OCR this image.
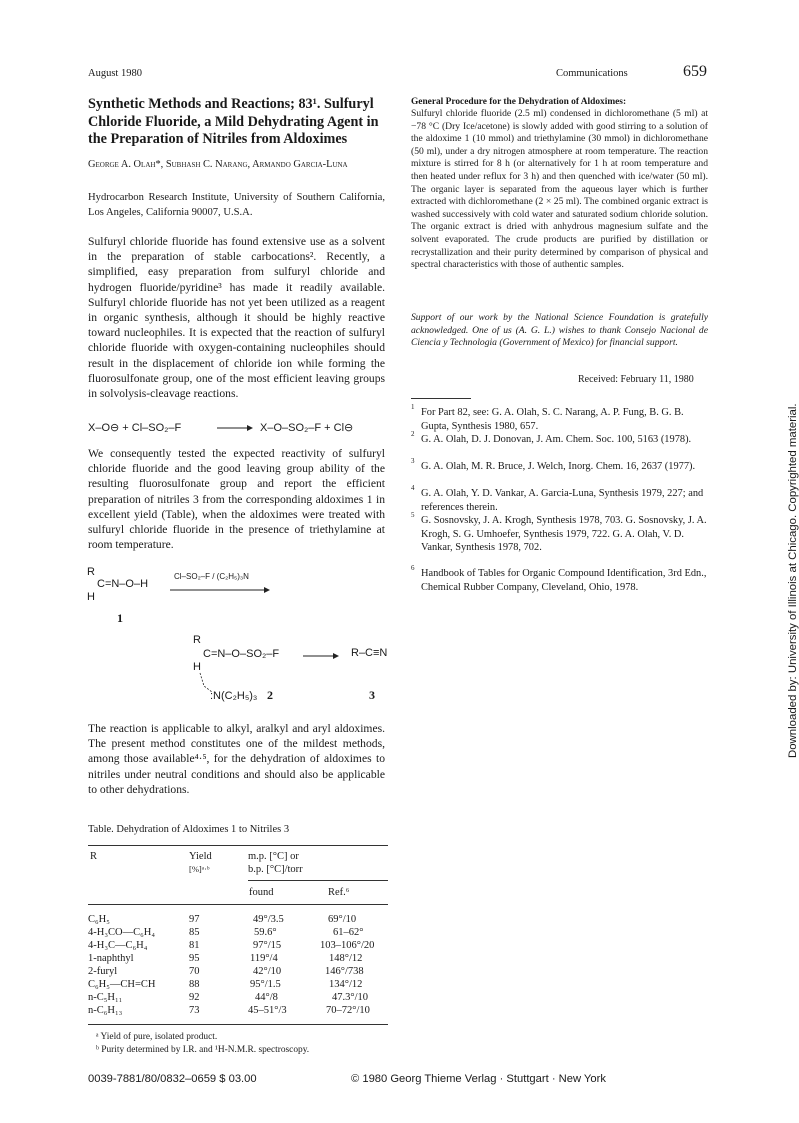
August 1980	Communications	659
Synthetic Methods and Reactions; 83¹. Sulfuryl Chloride Fluoride, a Mild Dehydrating Agent in the Preparation of Nitriles from Aldoximes
George A. Olah*, Subhash C. Narang, Armando Garcia-Luna
Hydrocarbon Research Institute, University of Southern California, Los Angeles, California 90007, U.S.A.
Sulfuryl chloride fluoride has found extensive use as a solvent in the preparation of stable carbocations². Recently, a simplified, easy preparation from sulfuryl chloride and hydrogen fluoride/pyridine³ has made it readily available. Sulfuryl chloride fluoride has not yet been utilized as a reagent in organic synthesis, although it should be highly reactive toward nucleophiles. It is expected that the reaction of sulfuryl chloride fluoride with oxygen-containing nucleophiles should result in the displacement of chloride ion while forming the fluorosulfonate group, one of the most efficient leaving groups in solvolysis-cleavage reactions.
X–O⊖ + Cl–SO₂–F → X–O–SO₂–F + Cl⊖
We consequently tested the expected reactivity of sulfuryl chloride fluoride and the good leaving group ability of the resulting fluorosulfonate group and report the efficient preparation of nitriles 3 from the corresponding aldoximes 1 in excellent yield (Table), when the aldoximes were treated with sulfuryl chloride fluoride in the presence of triethylamine at room temperature.
R
C=N–O–H
H
Cl–SO₂–F / (C₂H₅)₃N
1
R
C=N–O–SO₂–F
H
:N(C₂H₅)₃ 2
R–C≡N
3
The reaction is applicable to alkyl, aralkyl and aryl aldoximes. The present method constitutes one of the mildest methods, among those available⁴·⁵, for the dehydration of aldoximes to nitriles under neutral conditions and should also be applicable to other dehydrations.
Table. Dehydration of Aldoximes 1 to Nitriles 3
R	Yield	m.p. [°C] or
[%]ᵃ·ᵇ	b.p. [°C]/torr
found	Ref.⁶
C₆H₅	97	49°/3.5	69°/10
4-H₃CO—C₆H₄	85	59.6°	61–62°
4-H₃C—C₆H₄	81	97°/15	103–106°/20
1-naphthyl	95	119°/4	148°/12
2-furyl	70	42°/10	146°/738
C₆H₅—CH=CH	88	95°/1.5	134°/12
n-C₅H₁₁	92	44°/8	47.3°/10
n-C₆H₁₃	73	45–51°/3	70–72°/10
ᵃ Yield of pure, isolated product.
ᵇ Purity determined by I.R. and ¹H-N.M.R. spectroscopy.
0039-7881/80/0832–0659 $ 03.00	© 1980 Georg Thieme Verlag · Stuttgart · New York
General Procedure for the Dehydration of Aldoximes:
Sulfuryl chloride fluoride (2.5 ml) condensed in dichloromethane (5 ml) at −78 °C (Dry Ice/acetone) is slowly added with good stirring to a solution of the aldoxime 1 (10 mmol) and triethylamine (30 mmol) in dichloromethane (50 ml), under a dry nitrogen atmosphere at room temperature. The reaction mixture is stirred for 8 h (or alternatively for 1 h at room temperature and then heated under reflux for 3 h) and then quenched with ice/water (50 ml). The organic layer is separated from the aqueous layer which is further extracted with dichloromethane (2 × 25 ml). The combined organic extract is washed successively with cold water and saturated sodium chloride solution. The organic extract is dried with anhydrous magnesium sulfate and the solvent evaporated. The crude products are purified by distillation or recrystallization and their purity determined by comparison of physical and spectral characteristics with those of authentic samples.
Support of our work by the National Science Foundation is gratefully acknowledged. One of us (A. G. L.) wishes to thank Consejo Nacional de Ciencia y Technologia (Government of Mexico) for financial support.
Received: February 11, 1980
1 For Part 82, see: G. A. Olah, S. C. Narang, A. P. Fung, B. G. B. Gupta, Synthesis 1980, 657.
2 G. A. Olah, D. J. Donovan, J. Am. Chem. Soc. 100, 5163 (1978).
3 G. A. Olah, M. R. Bruce, J. Welch, Inorg. Chem. 16, 2637 (1977).
4 G. A. Olah, Y. D. Vankar, A. Garcia-Luna, Synthesis 1979, 227; and references therein.
5 G. Sosnovsky, J. A. Krogh, Synthesis 1978, 703. G. Sosnovsky, J. A. Krogh, S. G. Umhoefer, Synthesis 1979, 722. G. A. Olah, V. D. Vankar, Synthesis 1978, 702.
6 Handbook of Tables for Organic Compound Identification, 3rd Edn., Chemical Rubber Company, Cleveland, Ohio, 1978.	Downloaded by: University of Illinois at Chicago. Copyrighted material.
